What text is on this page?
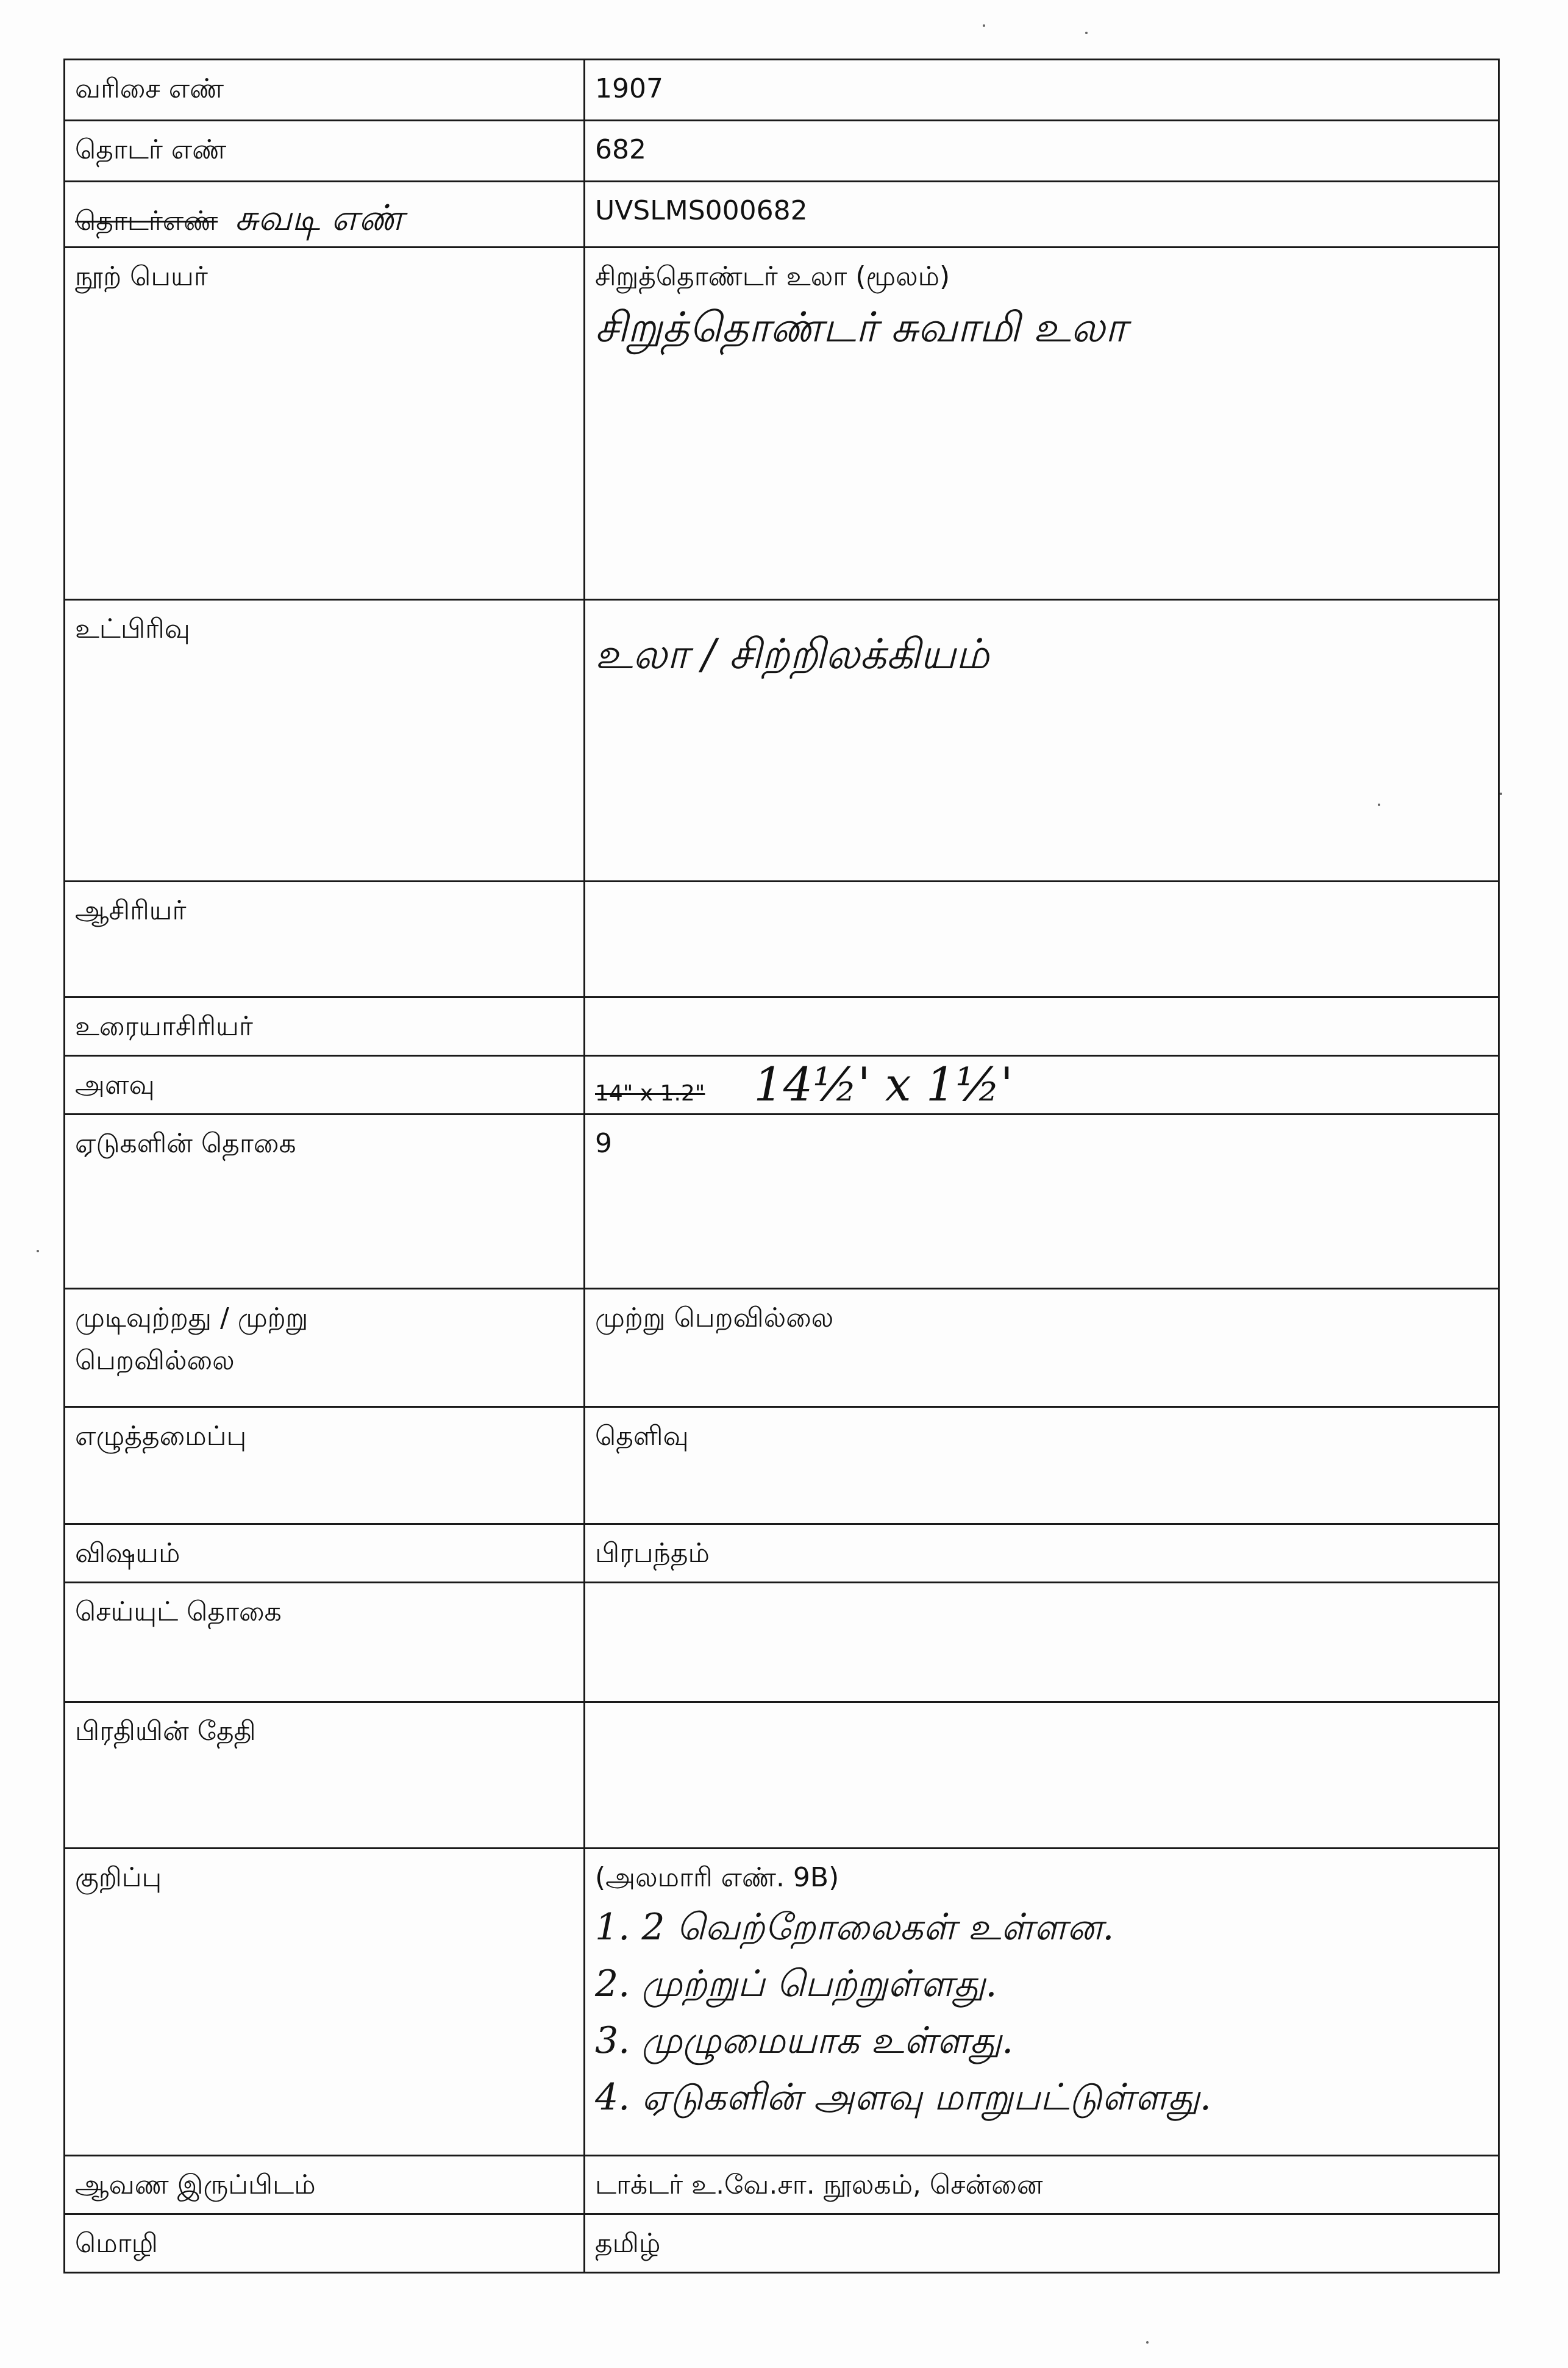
வரிசை எண்	1907
தொடர் எண்	682
தொடர்எண் சுவடி எண்	UVSLMS000682
நூற் பெயர்	சிறுத்தொண்டர் உலா (மூலம்)
சிறுத்தொண்டர் சுவாமி உலா

உட்பிரிவு	உலா / சிற்றிலக்கியம்

ஆசிரியர்	
உரையாசிரியர்	
அளவு	14" x 1.2" 14½' x 1½'
ஏடுகளின் தொகை	9
முடிவுற்றது / முற்று பெறவில்லை	முற்று பெறவில்லை
எழுத்தமைப்பு	தெளிவு
விஷயம்	பிரபந்தம்
செய்யுட் தொகை	
பிரதியின் தேதி	
குறிப்பு	(அலமாரி எண். 9B)
1. 2 வெற்றோலைகள் உள்ளன.
2. முற்றுப் பெற்றுள்ளது.
3. முழுமையாக உள்ளது.
4. ஏடுகளின் அளவு மாறுபட்டுள்ளது.

ஆவண இருப்பிடம்	டாக்டர் உ.வே.சா. நூலகம், சென்னை
மொழி	தமிழ்
